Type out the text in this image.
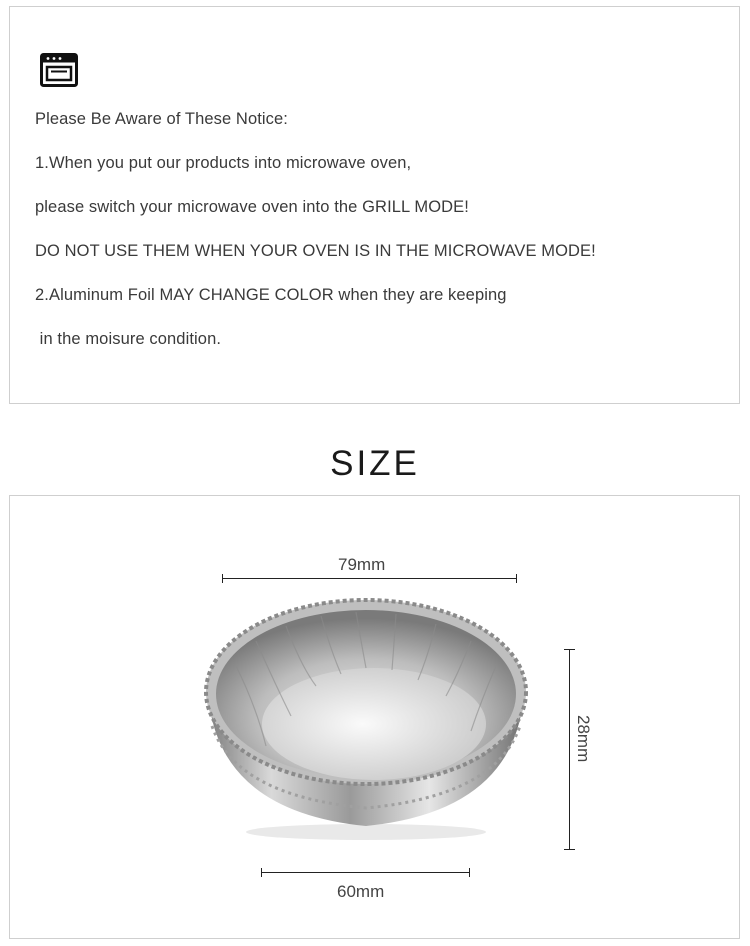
Please Be Aware of These Notice:
1.When you put our products into microwave oven,
please switch your microwave oven into the GRILL MODE!
DO NOT USE THEM WHEN YOUR OVEN IS IN THE MICROWAVE MODE!
2.Aluminum Foil MAY CHANGE COLOR when they are keeping
in the moisure condition.
SIZE
79mm
28mm
60mm
